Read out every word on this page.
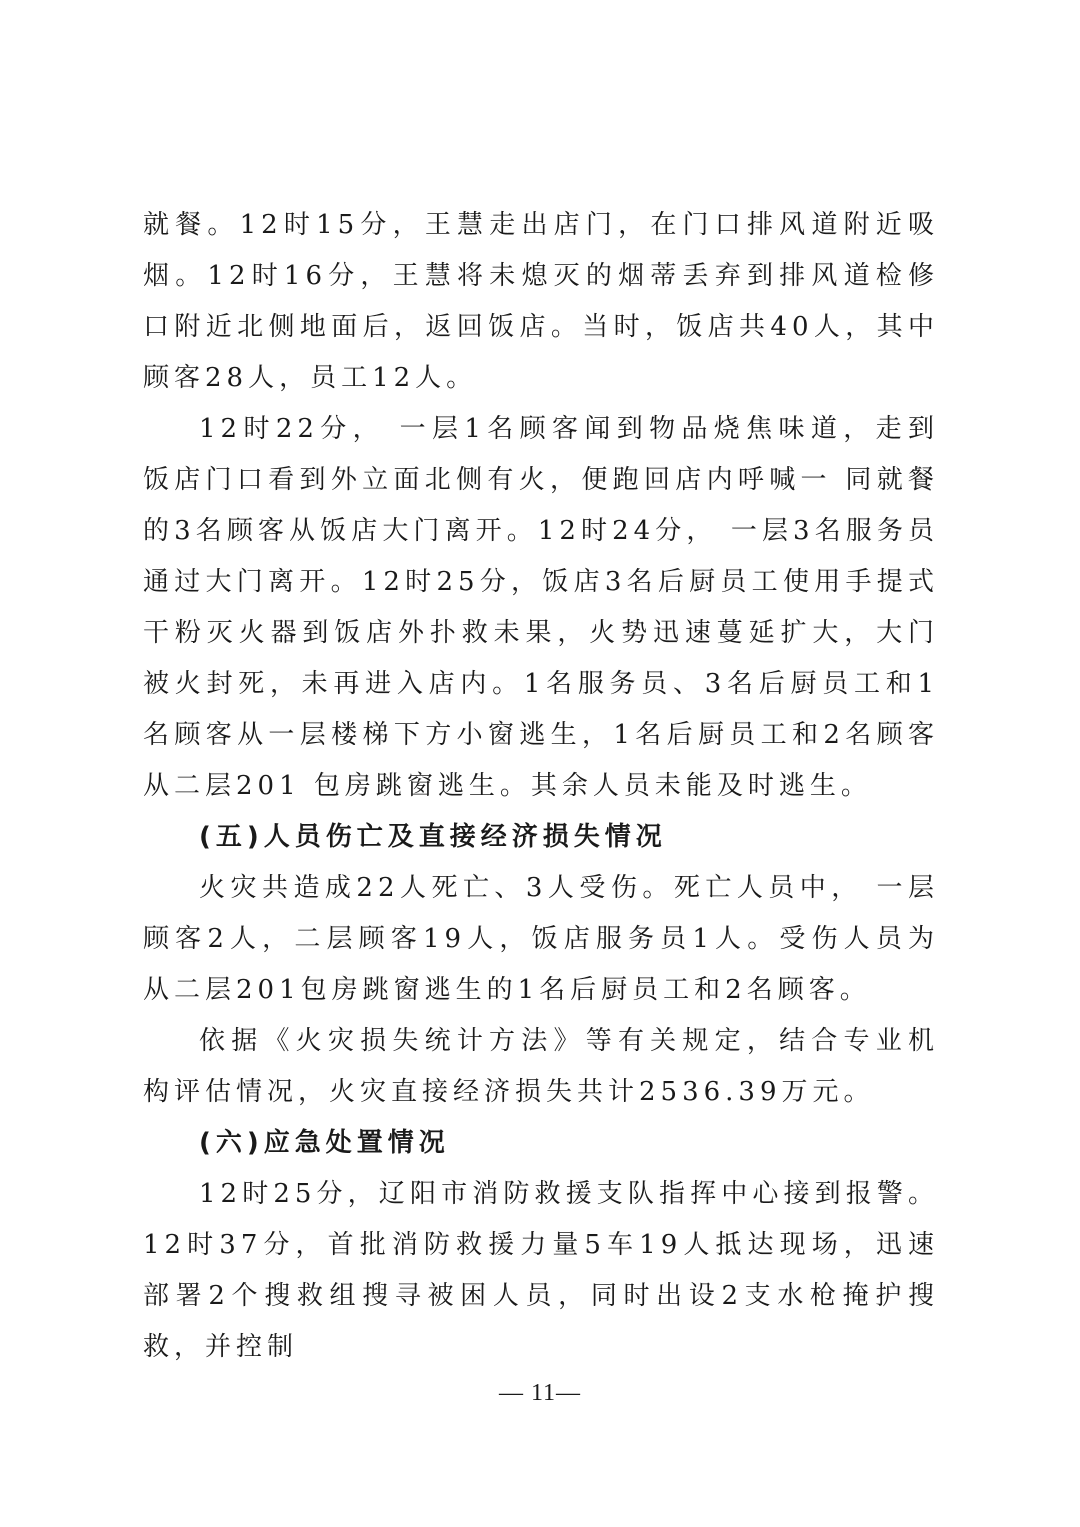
就餐。12时15分，王慧走出店门，在门口排风道附近吸烟。12时16分，王慧将未熄灭的烟蒂丢弃到排风道检修口附近北侧地面后，返回饭店。当时，饭店共40人，其中顾客28人，员工12人。

12时22分， 一层1名顾客闻到物品烧焦味道，走到饭店门口看到外立面北侧有火，便跑回店内呼喊一 同就餐的3名顾客从饭店大门离开。12时24分， 一层3名服务员通过大门离开。12时25分，饭店3名后厨员工使用手提式干粉灭火器到饭店外扑救未果，火势迅速蔓延扩大，大门被火封死，未再进入店内。1名服务员、3名后厨员工和1名顾客从一层楼梯下方小窗逃生，1名后厨员工和2名顾客从二层201 包房跳窗逃生。其余人员未能及时逃生。

(五)人员伤亡及直接经济损失情况

火灾共造成22人死亡、3人受伤。死亡人员中， 一层顾客2人，二层顾客19人，饭店服务员1人。受伤人员为从二层201包房跳窗逃生的1名后厨员工和2名顾客。

依据《火灾损失统计方法》等有关规定，结合专业机构评估情况，火灾直接经济损失共计2536.39万元。

(六)应急处置情况

12时25分，辽阳市消防救援支队指挥中心接到报警。12时37分，首批消防救援力量5车19人抵达现场，迅速部署2个搜救组搜寻被困人员，同时出设2支水枪掩护搜救，并控制

— 11—
